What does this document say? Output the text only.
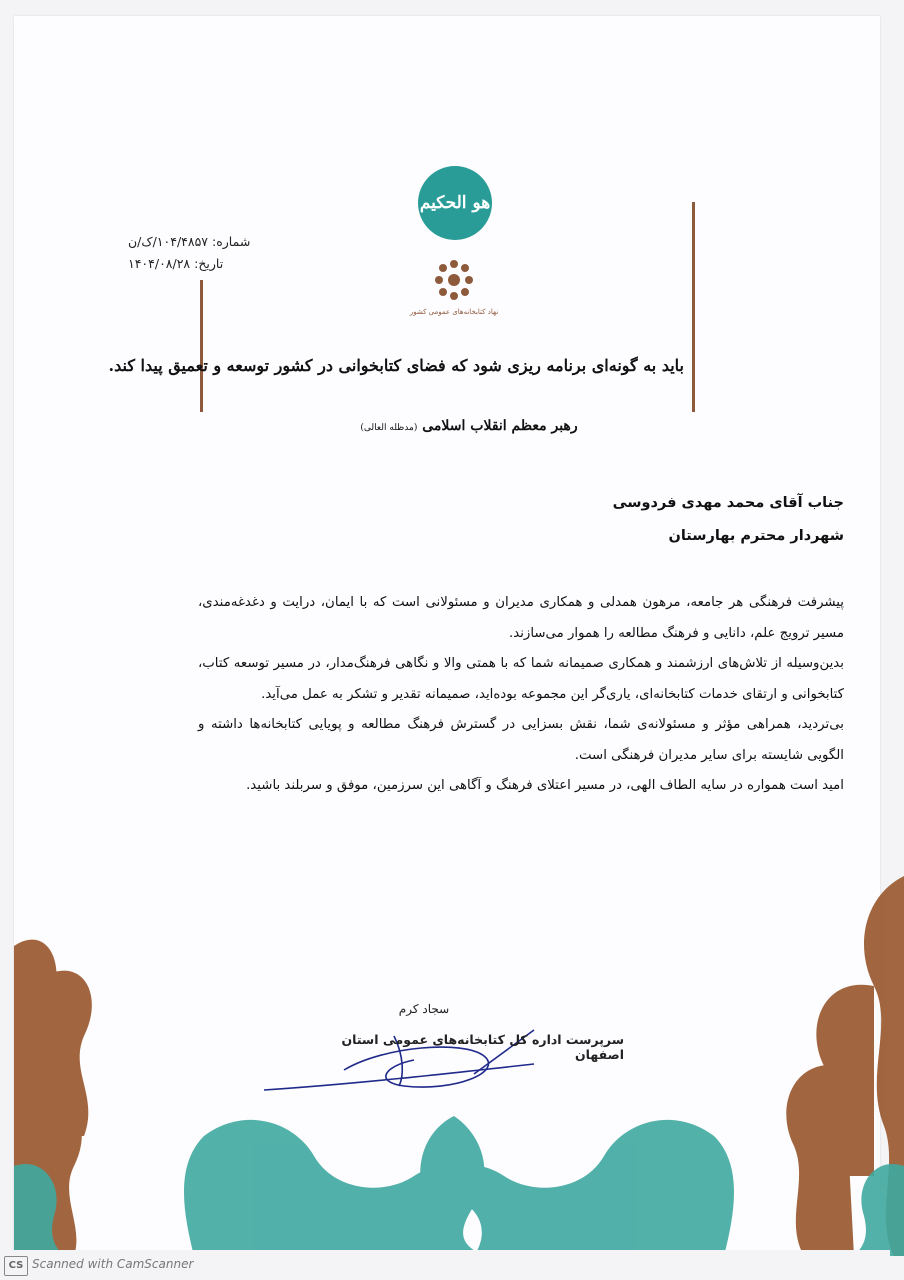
هو الحکیم
نهاد کتابخانه‌های عمومی کشور
شماره: ۱۰۴/۴۸۵۷/ک/ن
تاریخ: ۱۴۰۴/۰۸/۲۸
باید به گونه‌ای برنامه ریزی شود که فضای کتابخوانی در کشور توسعه و تعمیق پیدا کند.
رهبر معظم انقلاب اسلامی (مدظله العالی)
جناب آقای محمد مهدی فردوسی
شهردار محترم بهارستان

پیشرفت فرهنگی هر جامعه، مرهون همدلی و همکاری مدیران و مسئولانی است که با ایمان، درایت و دغدغه‌مندی، مسیر ترویج علم، دانایی و فرهنگ مطالعه را هموار می‌سازند.

بدین‌وسیله از تلاش‌های ارزشمند و همکاری صمیمانه شما که با همتی والا و نگاهی فرهنگ‌مدار، در مسیر توسعه کتاب، کتابخوانی و ارتقای خدمات کتابخانه‌ای، یاری‌گر این مجموعه بوده‌اید، صمیمانه تقدیر و تشکر به عمل می‌آید.

بی‌تردید، همراهی مؤثر و مسئولانه‌ی شما، نقش بسزایی در گسترش فرهنگ مطالعه و پویایی کتابخانه‌ها داشته و الگویی شایسته برای سایر مدیران فرهنگی است.

امید است همواره در سایه الطاف الهی، در مسیر اعتلای فرهنگ و آگاهی این سرزمین، موفق و سربلند باشید.

سجاد کرم
سرپرست اداره کل کتابخانه‌های عمومی استان اصفهان
CS Scanned with CamScanner
